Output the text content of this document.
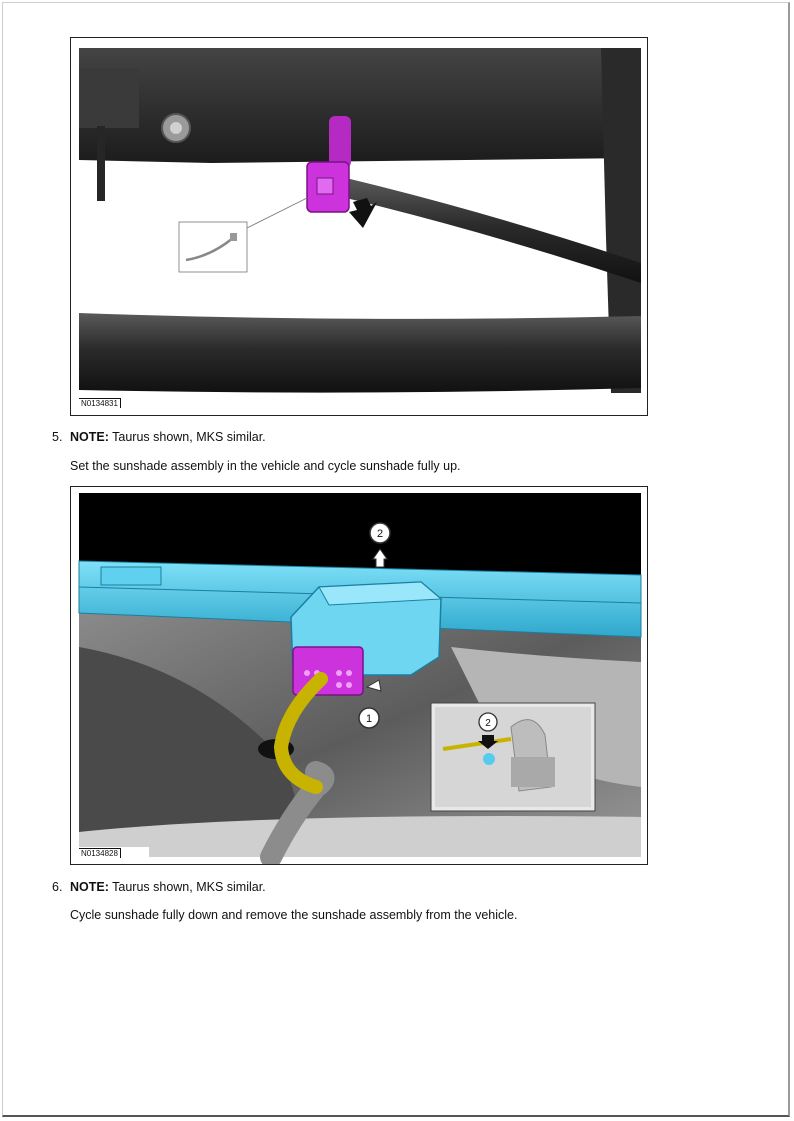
N0134831
5. NOTE: Taurus shown, MKS similar.
Set the sunshade assembly in the vehicle and cycle sunshade fully up.
2
1	2
N0134828
6. NOTE: Taurus shown, MKS similar.
Cycle sunshade fully down and remove the sunshade assembly from the vehicle.
